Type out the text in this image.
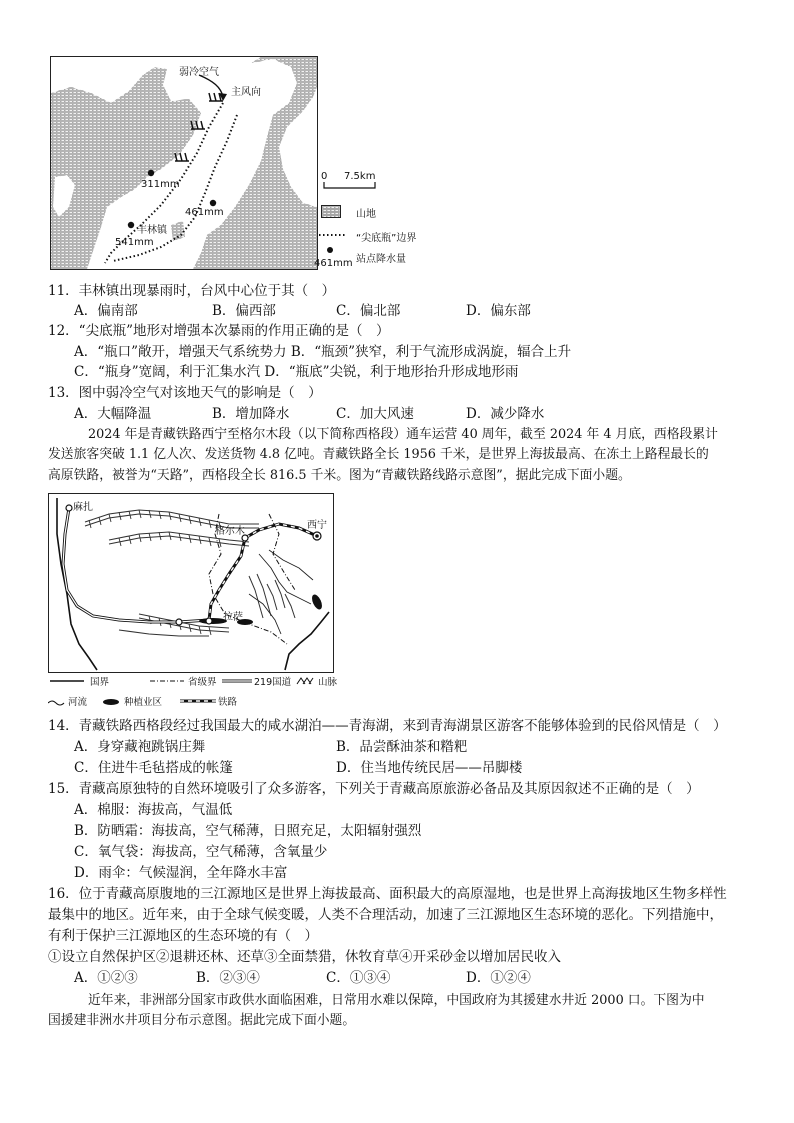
弱冷空气
主风向
311mm
461mm
丰林镇
541mm
0 7.5km
山地
“尖底瓶”边界
461mm 站点降水量
11．丰林镇出现暴雨时，台风中心位于其（　）
A．偏南部	B．偏西部	C．偏北部	D．偏东部
12．“尖底瓶”地形对增强本次暴雨的作用正确的是（　）
A．“瓶口”敞开，增强天气系统势力 B．“瓶颈”狭窄，利于气流形成涡旋，辐合上升
C．“瓶身”宽阔，利于汇集水汽 D．“瓶底”尖锐，利于地形抬升形成地形雨
13．图中弱冷空气对该地天气的影响是（　）
A．大幅降温	B．增加降水	C．加大风速	D．减少降水
2024 年是青藏铁路西宁至格尔木段（以下简称西格段）通车运营 40 周年，截至 2024 年 4 月底，西格段累计
发送旅客突破 1.1 亿人次、发送货物 4.8 亿吨。青藏铁路全长 1956 千米，是世界上海拔最高、在冻土上路程最长的
高原铁路，被誉为“天路”，西格段全长 816.5 千米。图为“青藏铁路线路示意图”，据此完成下面小题。
麻扎
格尔木
西宁
拉萨
国界	省级界	219国道	山脉
河流	种植业区	铁路
14．青藏铁路西格段经过我国最大的咸水湖泊——青海湖，来到青海湖景区游客不能够体验到的民俗风情是（　）
A．身穿藏袍跳锅庄舞	B．品尝酥油茶和糌粑
C．住进牛毛毡搭成的帐篷	D．住当地传统民居——吊脚楼
15．青藏高原独特的自然环境吸引了众多游客，下列关于青藏高原旅游必备品及其原因叙述不正确的是（　）
A．棉服：海拔高，气温低
B．防晒霜：海拔高，空气稀薄，日照充足，太阳辐射强烈
C．氧气袋：海拔高，空气稀薄，含氧量少
D．雨伞：气候湿润，全年降水丰富
16．位于青藏高原腹地的三江源地区是世界上海拔最高、面积最大的高原湿地，也是世界上高海拔地区生物多样性
最集中的地区。近年来，由于全球气候变暖，人类不合理活动，加速了三江源地区生态环境的恶化。下列措施中，
有利于保护三江源地区的生态环境的有（　）
①设立自然保护区②退耕还林、还草③全面禁猎，休牧育草④开采砂金以增加居民收入
A．①②③	B．②③④	C．①③④	D．①②④
近年来，非洲部分国家市政供水面临困难，日常用水难以保障，中国政府为其援建水井近 2000 口。下图为中
国援建非洲水井项目分布示意图。据此完成下面小题。
